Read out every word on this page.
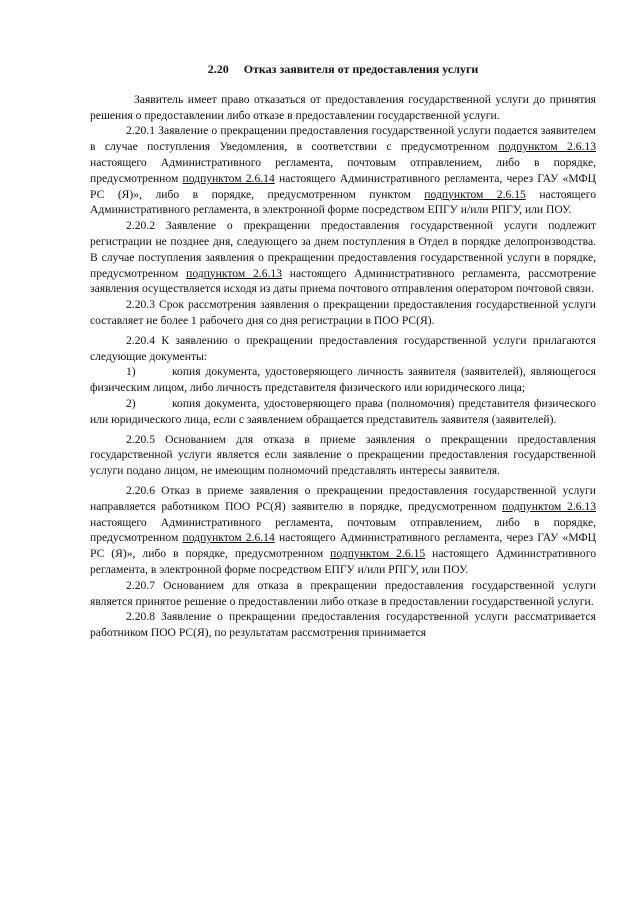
2.20     Отказ заявителя от предоставления услуги

Заявитель имеет право отказаться от предоставления государственной услуги до принятия решения о предоставлении либо отказе в предоставлении государственной услуги.

2.20.1 Заявление о прекращении предоставления государственной услуги подается заявителем в случае поступления Уведомления, в соответствии с предусмотренном подпунктом 2.6.13 настоящего Административного регламента, почтовым отправлением, либо в порядке, предусмотренном подпунктом 2.6.14 настоящего Административного регламента, через ГАУ «МФЦ РС (Я)», либо в порядке, предусмотренном пунктом подпунктом 2.6.15 настоящего Административного регламента, в электронной форме посредством ЕПГУ и/или РПГУ, или ПОУ.

2.20.2 Заявление о прекращении предоставления государственной услуги подлежит регистрации не позднее дня, следующего за днем поступления в Отдел в порядке делопроизводства. В случае поступления заявления о прекращении предоставления государственной услуги в порядке, предусмотренном подпунктом 2.6.13 настоящего Административного регламента, рассмотрение заявления осуществляется исходя из даты приема почтового отправления оператором почтовой связи.

2.20.3 Срок рассмотрения заявления о прекращении предоставления государственной услуги составляет не более 1 рабочего дня со дня регистрации в ПОО РС(Я).

2.20.4 К заявлению о прекращении предоставления государственной услуги прилагаются следующие документы:

1)	копия документа, удостоверяющего личность заявителя (заявителей), являющегося физическим лицом, либо личность представителя физического или юридического лица;

2)	копия документа, удостоверяющего права (полномочия) представителя физического или юридического лица, если с заявлением обращается представитель заявителя (заявителей).

2.20.5 Основанием для отказа в приеме заявления о прекращении предоставления государственной услуги является если заявление о прекращении предоставления государственной услуги подано лицом, не имеющим полномочий представлять интересы заявителя.

2.20.6 Отказ в приеме заявления о прекращении предоставления государственной услуги направляется работником ПОО РС(Я) заявителю в порядке, предусмотренном подпунктом 2.6.13 настоящего Административного регламента, почтовым отправлением, либо в порядке, предусмотренном подпунктом 2.6.14 настоящего Административного регламента, через ГАУ «МФЦ РС (Я)», либо в порядке, предусмотренном подпунктом 2.6.15 настоящего Административного регламента, в электронной форме посредством ЕПГУ и/или РПГУ, или ПОУ.

2.20.7 Основанием для отказа в прекращении предоставления государственной услуги является принятое решение о предоставлении либо отказе в предоставлении государственной услуги.

2.20.8 Заявление о прекращении предоставления государственной услуги рассматривается работником ПОО РС(Я), по результатам рассмотрения принимается
